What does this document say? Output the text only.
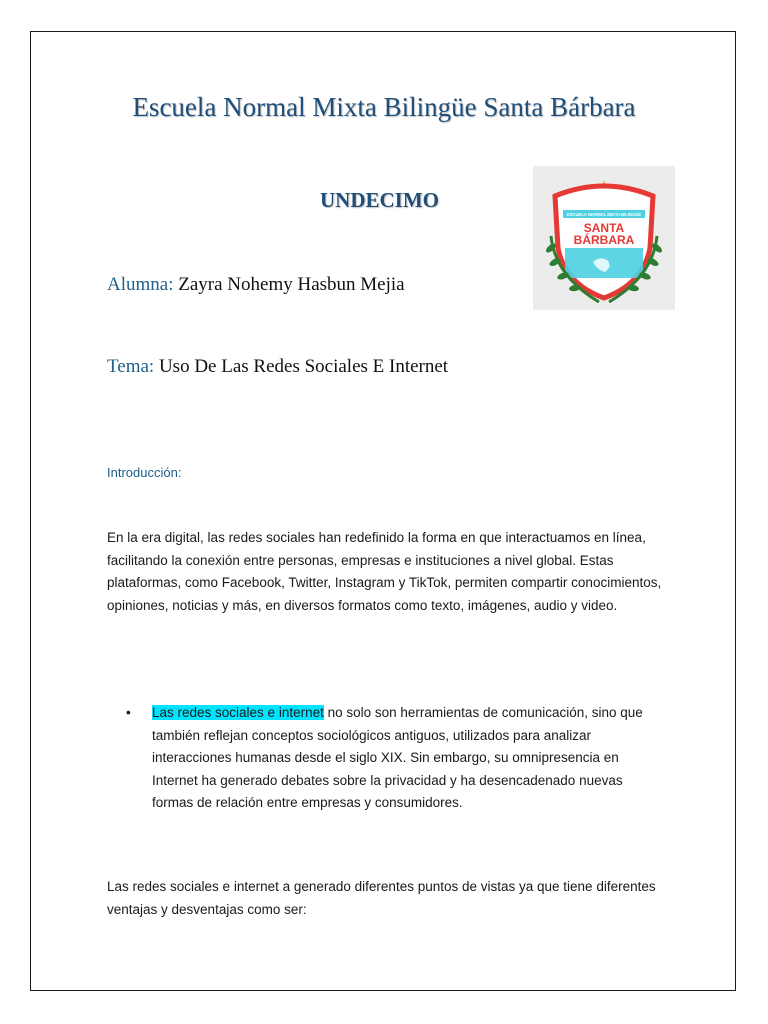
Escuela Normal Mixta Bilingüe Santa Bárbara
UNDECIMO
Alumna: Zayra Nohemy Hasbun Mejia
Tema: Uso De Las Redes Sociales E Internet
ESCUELA NORMAL MIXTA BILINGÜE
SANTA
BÁRBARA
Introducción:
En la era digital, las redes sociales han redefinido la forma en que interactuamos en línea, facilitando la conexión entre personas, empresas e instituciones a nivel global. Estas plataformas, como Facebook, Twitter, Instagram y TikTok, permiten compartir conocimientos, opiniones, noticias y más, en diversos formatos como texto, imágenes, audio y video.
• Las redes sociales e internet no solo son herramientas de comunicación, sino que también reflejan conceptos sociológicos antiguos, utilizados para analizar interacciones humanas desde el siglo XIX. Sin embargo, su omnipresencia en Internet ha generado debates sobre la privacidad y ha desencadenado nuevas formas de relación entre empresas y consumidores.
Las redes sociales e internet a generado diferentes puntos de vistas ya que tiene diferentes ventajas y desventajas como ser:
